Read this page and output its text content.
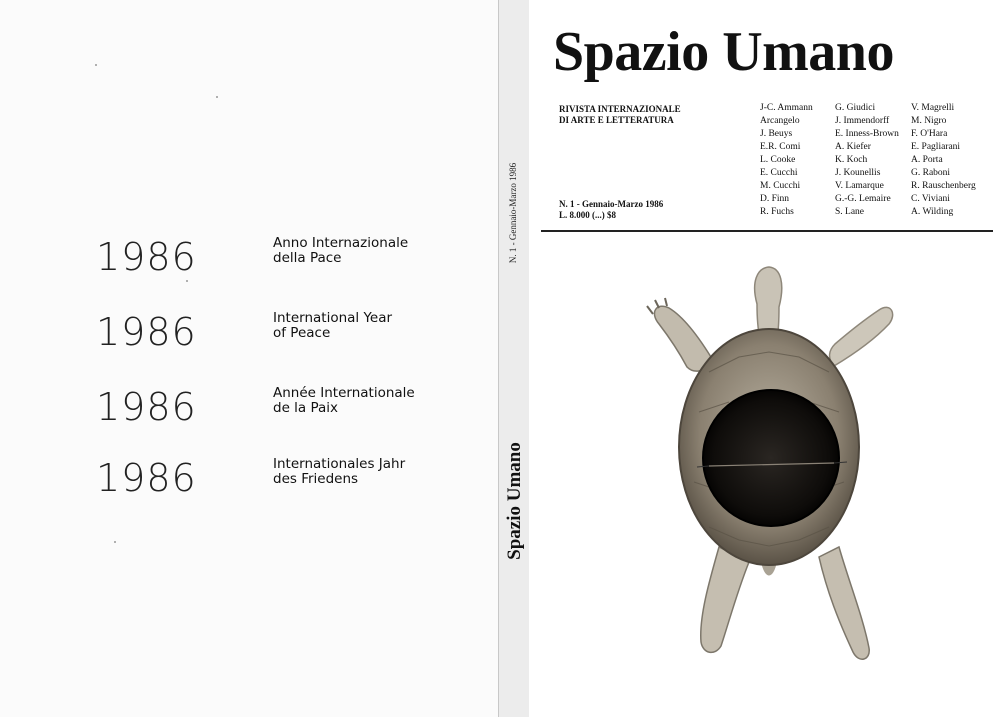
1986	Anno Internazionale
della Pace
1986	International Year
of Peace
1986	Année Internationale
de la Paix
1986	Internationales Jahr
des Friedens
N. 1 - Gennaio-Marzo 1986
Spazio Umano
Spazio Umano
RIVISTA INTERNAZIONALE
DI ARTE E LETTERATURA
N. 1 - Gennaio-Marzo 1986
L. 8.000 (...) $8
J-C. Ammann
Arcangelo
J. Beuys
E.R. Comi
L. Cooke
E. Cucchi
M. Cucchi
D. Finn
R. Fuchs
G. Giudici
J. Immendorff
E. Inness-Brown
A. Kiefer
K. Koch
J. Kounellis
V. Lamarque
G.-G. Lemaire
S. Lane
V. Magrelli
M. Nigro
F. O'Hara
E. Pagliarani
A. Porta
G. Raboni
R. Rauschenberg
C. Viviani
A. Wilding
